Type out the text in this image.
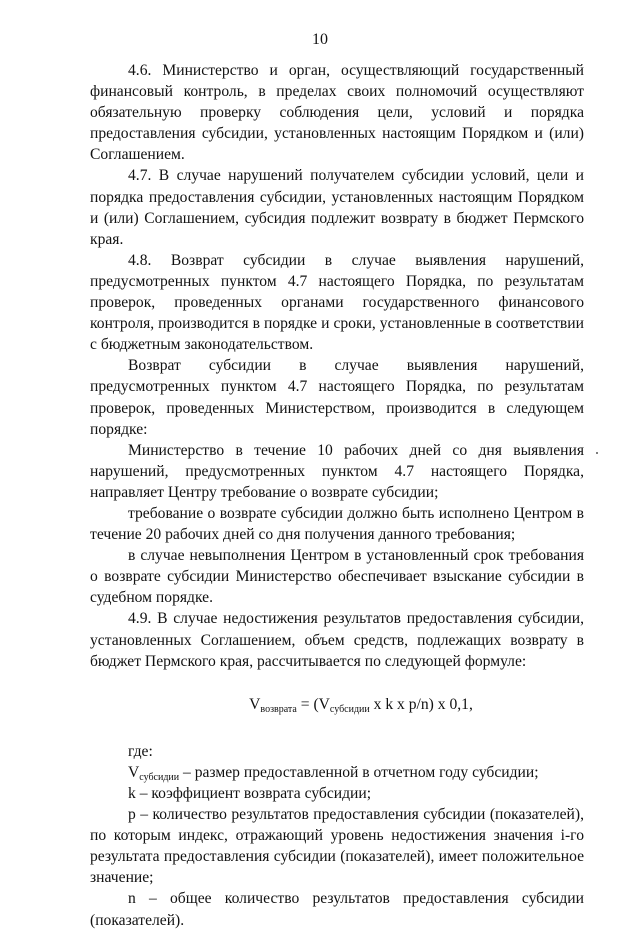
10

4.6. Министерство и орган, осуществляющий государственный финансовый контроль, в пределах своих полномочий осуществляют обязательную проверку соблюдения цели, условий и порядка предоставления субсидии, установленных настоящим Порядком и (или) Соглашением.

4.7. В случае нарушений получателем субсидии условий, цели и порядка предоставления субсидии, установленных настоящим Порядком и (или) Соглашением, субсидия подлежит возврату в бюджет Пермского края.

4.8. Возврат субсидии в случае выявления нарушений, предусмотренных пунктом 4.7 настоящего Порядка, по результатам проверок, проведенных органами государственного финансового контроля, производится в порядке и сроки, установленные в соответствии с бюджетным законодательством.

Возврат субсидии в случае выявления нарушений, предусмотренных пунктом 4.7 настоящего Порядка, по результатам проверок, проведенных Министерством, производится в следующем порядке:

Министерство в течение 10 рабочих дней со дня выявления нарушений, предусмотренных пунктом 4.7 настоящего Порядка, направляет Центру требование о возврате субсидии;

требование о возврате субсидии должно быть исполнено Центром в течение 20 рабочих дней со дня получения данного требования;

в случае невыполнения Центром в установленный срок требования о возврате субсидии Министерство обеспечивает взыскание субсидии в судебном порядке.

4.9. В случае недостижения результатов предоставления субсидии, установленных Соглашением, объем средств, подлежащих возврату в бюджет Пермского края, рассчитывается по следующей формуле:

$V_{возврата} = (V_{субсидии}$ x k x p/n) x 0,1,

где:

$V_{субсидии}$ – размер предоставленной в отчетном году субсидии;

k – коэффициент возврата субсидии;

p – количество результатов предоставления субсидии (показателей), по которым индекс, отражающий уровень недостижения значения i-го результата предоставления субсидии (показателей), имеет положительное значение;

n – общее количество результатов предоставления субсидии (показателей).
